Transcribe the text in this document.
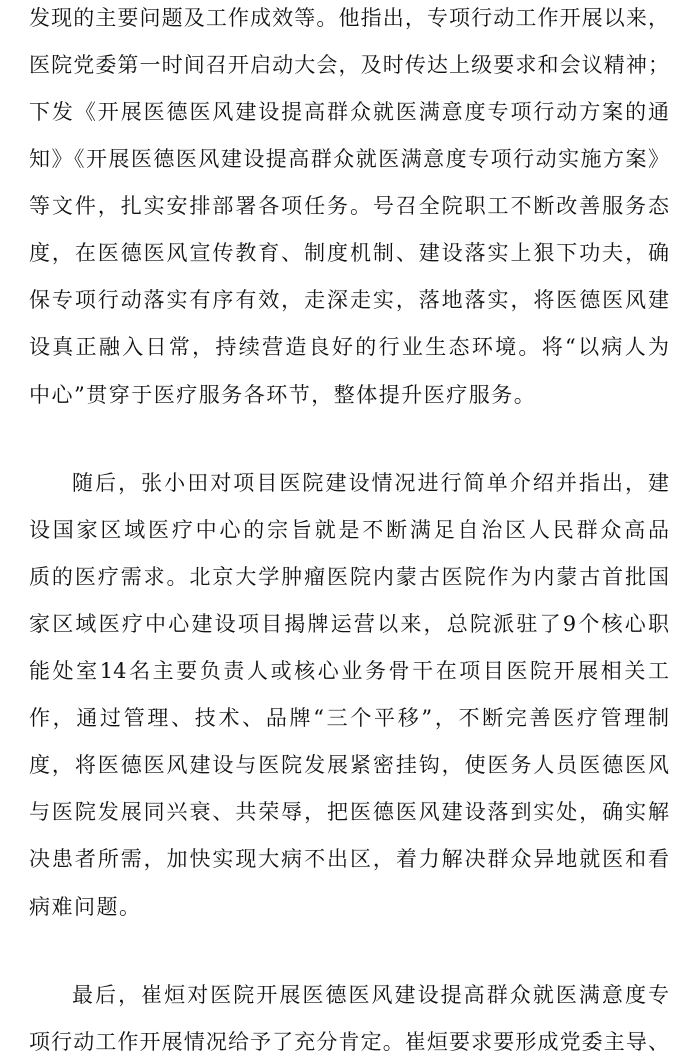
发现的主要问题及工作成效等。他指出，专项行动工作开展以来，
医院党委第一时间召开启动大会，及时传达上级要求和会议精神；
下发《开展医德医风建设提高群众就医满意度专项行动方案的通
知》《开展医德医风建设提高群众就医满意度专项行动实施方案》
等文件，扎实安排部署各项任务。号召全院职工不断改善服务态
度，在医德医风宣传教育、制度机制、建设落实上狠下功夫，确
保专项行动落实有序有效，走深走实，落地落实，将医德医风建
设真正融入日常，持续营造良好的行业生态环境。将“以病人为
中心”贯穿于医疗服务各环节，整体提升医疗服务。
随后，张小田对项目医院建设情况进行简单介绍并指出，建
设国家区域医疗中心的宗旨就是不断满足自治区人民群众高品
质的医疗需求。北京大学肿瘤医院内蒙古医院作为内蒙古首批国
家区域医疗中心建设项目揭牌运营以来，总院派驻了9个核心职
能处室14名主要负责人或核心业务骨干在项目医院开展相关工
作，通过管理、技术、品牌“三个平移”，不断完善医疗管理制
度，将医德医风建设与医院发展紧密挂钩，使医务人员医德医风
与医院发展同兴衰、共荣辱，把医德医风建设落到实处，确实解
决患者所需，加快实现大病不出区，着力解决群众异地就医和看
病难问题。
最后，崔烜对医院开展医德医风建设提高群众就医满意度专
项行动工作开展情况给予了充分肯定。崔烜要求要形成党委主导、
